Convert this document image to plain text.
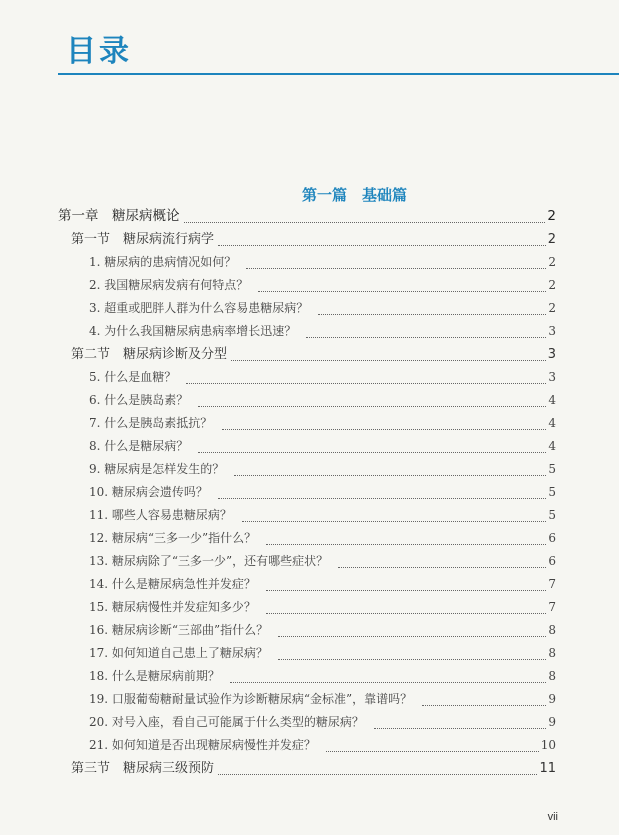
目录
第一篇　基础篇
第一章　糖尿病概论	2
第一节　糖尿病流行病学	2
1. 糖尿病的患病情况如何？	2
2. 我国糖尿病发病有何特点？	2
3. 超重或肥胖人群为什么容易患糖尿病？	2
4. 为什么我国糖尿病患病率增长迅速？	3
第二节　糖尿病诊断及分型	3
5. 什么是血糖？	3
6. 什么是胰岛素？	4
7. 什么是胰岛素抵抗？	4
8. 什么是糖尿病？	4
9. 糖尿病是怎样发生的？	5
10. 糖尿病会遗传吗？	5
11. 哪些人容易患糖尿病？	5
12. 糖尿病“三多一少”指什么？	6
13. 糖尿病除了“三多一少”，还有哪些症状？	6
14. 什么是糖尿病急性并发症？	7
15. 糖尿病慢性并发症知多少？	7
16. 糖尿病诊断“三部曲”指什么？	8
17. 如何知道自己患上了糖尿病？	8
18. 什么是糖尿病前期？	8
19. 口服葡萄糖耐量试验作为诊断糖尿病“金标准”，靠谱吗？	9
20. 对号入座，看自己可能属于什么类型的糖尿病？	9
21. 如何知道是否出现糖尿病慢性并发症？	10
第三节　糖尿病三级预防	11
vii
